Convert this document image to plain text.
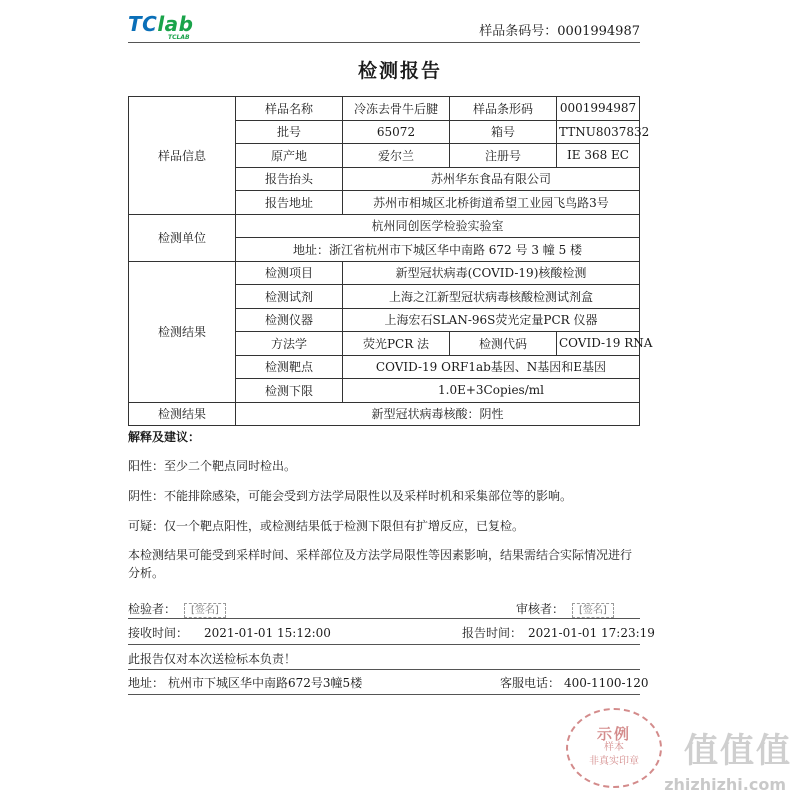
TClab
TCLAB	样品条码号：0001994987
检测报告
样品信息	样品名称	冷冻去骨牛后腱	样品条形码	0001994987
	批号	65072	箱号	TTNU8037832
	原产地	爱尔兰	注册号	IE 368 EC
	报告抬头	苏州华东食品有限公司		
	报告地址	苏州市相城区北桥街道希望工业园飞鸟路3号		
检测单位	杭州同创医学检验实验室			
	地址：浙江省杭州市下城区华中南路 672 号 3 幢 5 楼			
检测结果	检测项目	新型冠状病毒(COVID-19)核酸检测		
	检测试剂	上海之江新型冠状病毒核酸检测试剂盒		
	检测仪器	上海宏石SLAN-96S荧光定量PCR 仪器		
	方法学	荧光PCR 法	检测代码	COVID-19 RNA
	检测靶点	COVID-19 ORF1ab基因、N基因和E基因		
	检测下限	1.0E+3Copies/ml		
检测结果	新型冠状病毒核酸：阴性			
解释及建议：
阳性：至少二个靶点同时检出。
阴性：不能排除感染，可能会受到方法学局限性以及采样时机和采集部位等的影响。
可疑：仅一个靶点阳性，或检测结果低于检测下限但有扩增反应，已复检。
本检测结果可能受到采样时间、采样部位及方法学局限性等因素影响，结果需结合实际情况进行分析。
检验者： [签名]	审核者： [签名]
接收时间： 2021-01-01 15:12:00	报告时间： 2021-01-01 17:23:19
此报告仅对本次送检标本负责！
地址： 杭州市下城区华中南路672号3幢5楼	客服电话： 400-1100-120
示例
样本
非真实印章 值值值
zhizhizhi.com
